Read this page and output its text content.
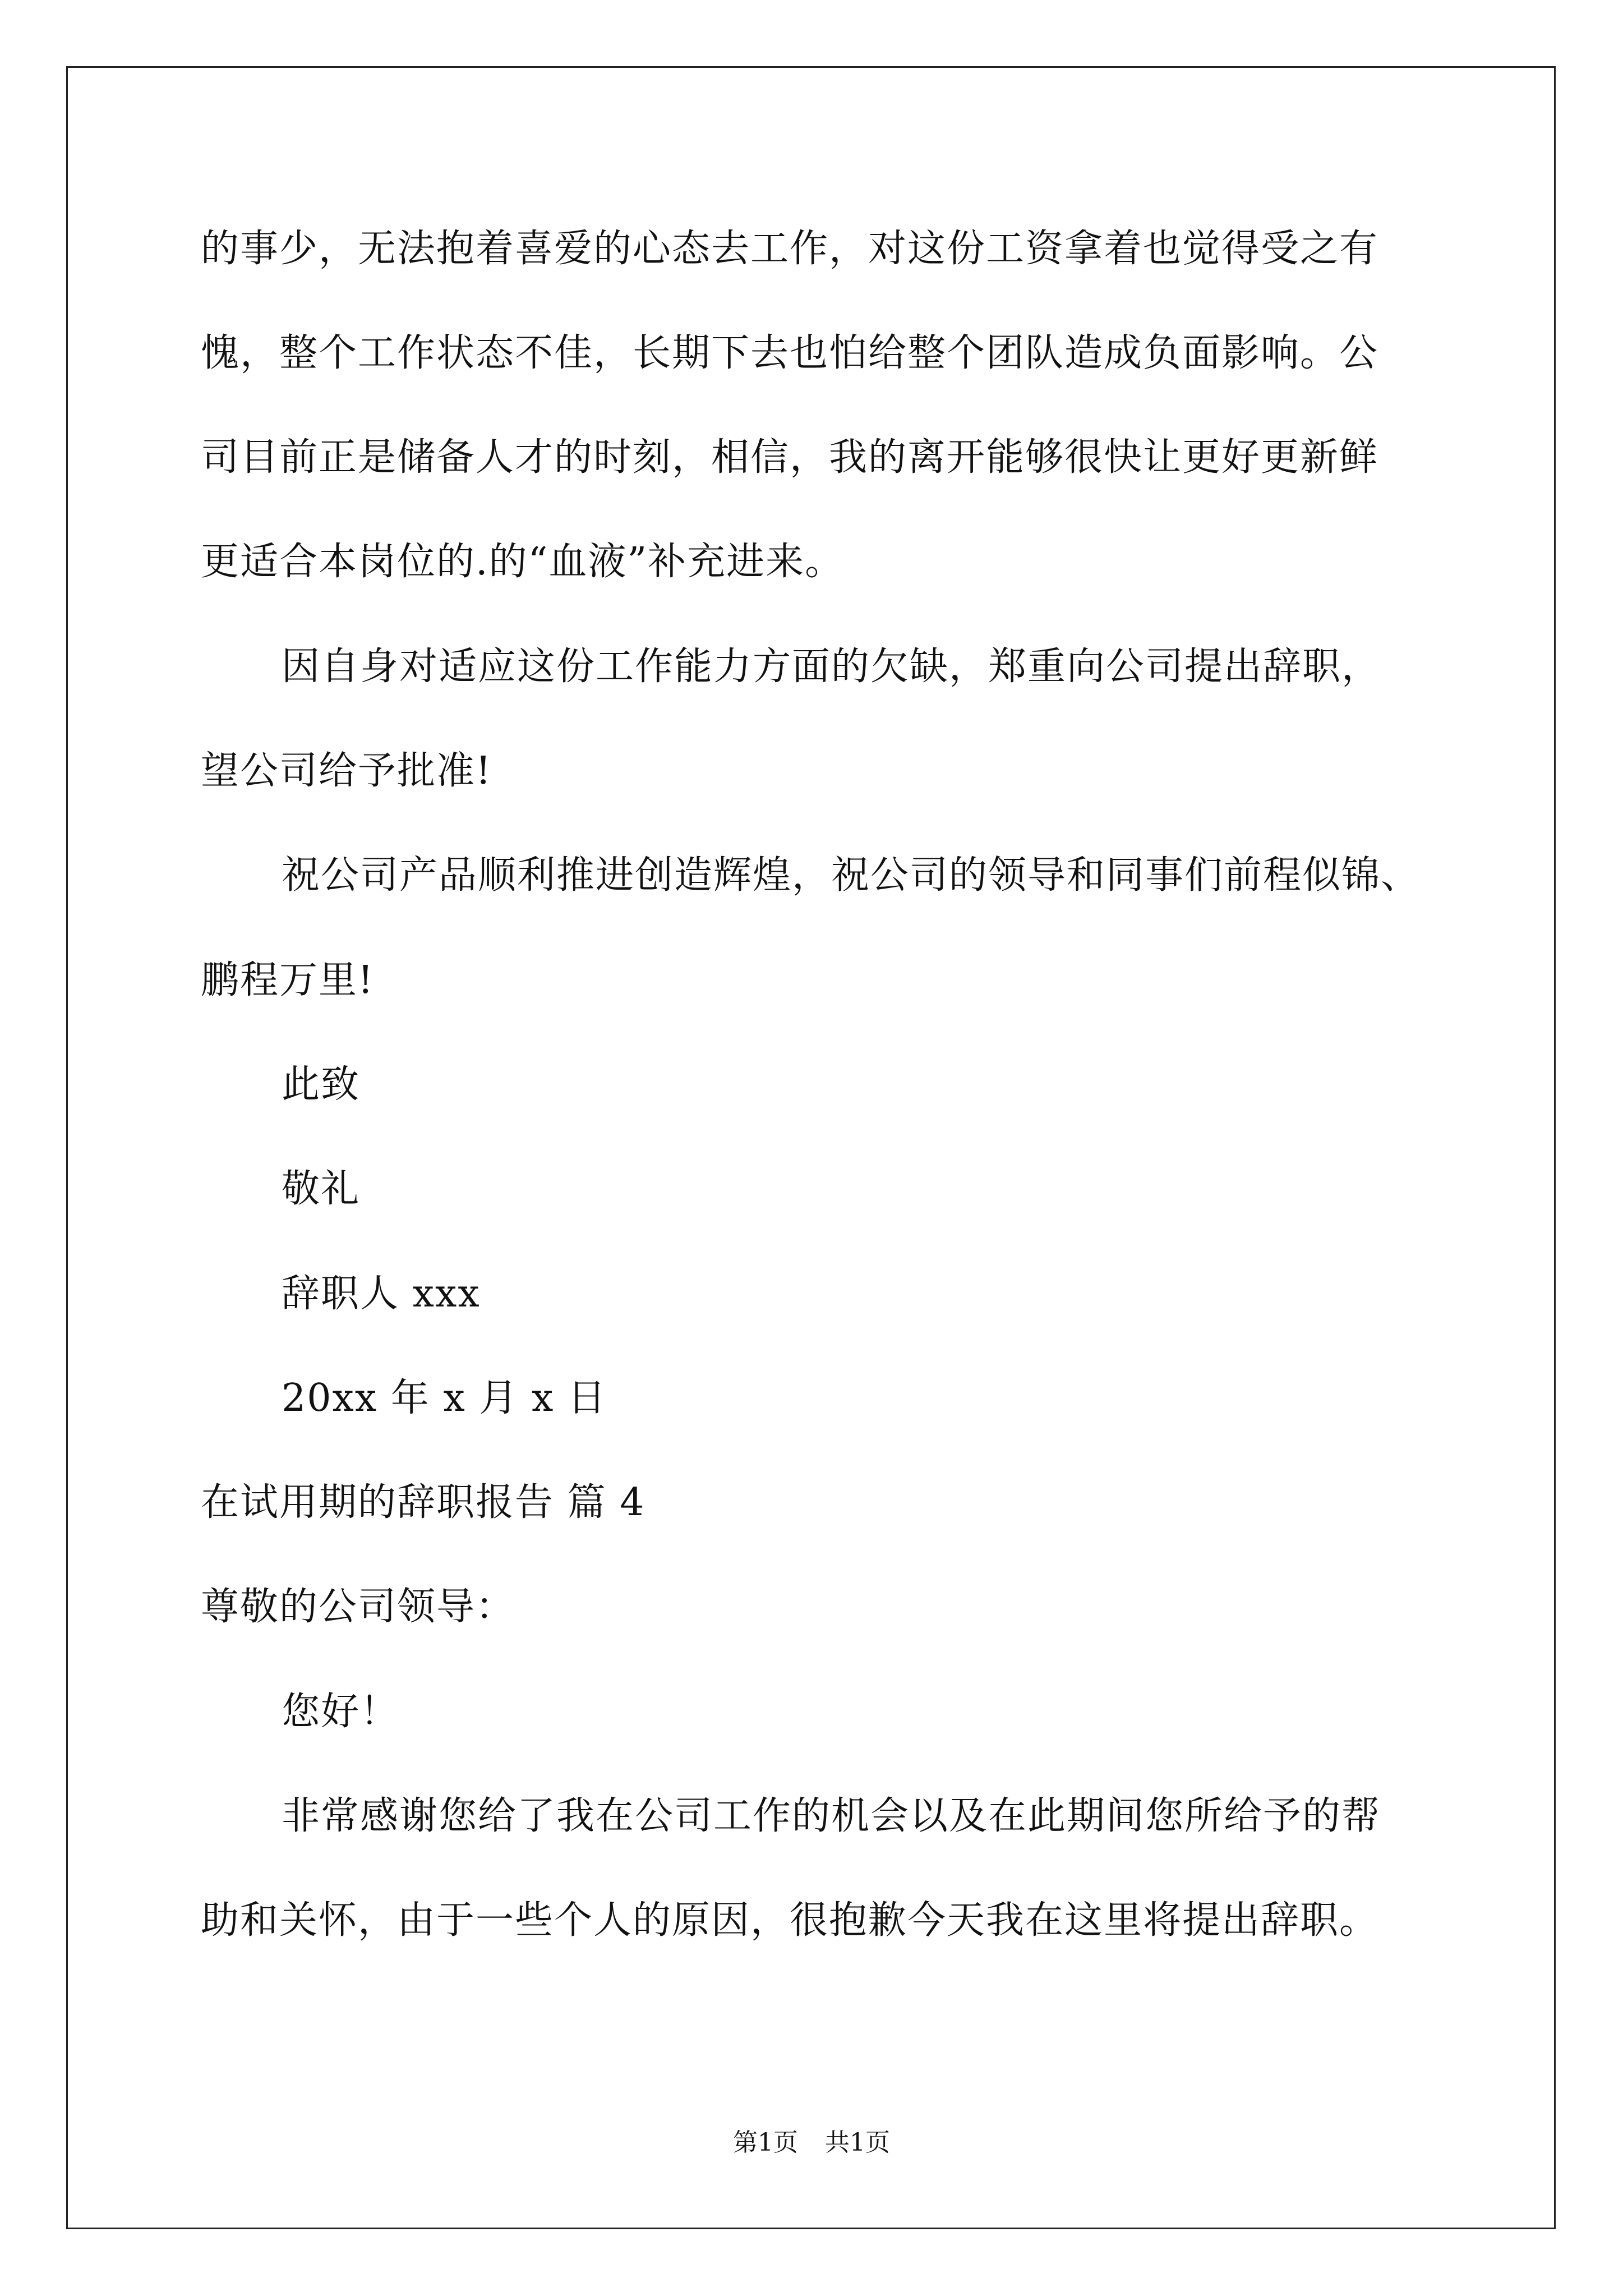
的事少，无法抱着喜爱的心态去工作，对这份工资拿着也觉得受之有
愧，整个工作状态不佳，长期下去也怕给整个团队造成负面影响。公
司目前正是储备人才的时刻，相信，我的离开能够很快让更好更新鲜
更适合本岗位的.的“血液”补充进来。
因自身对适应这份工作能力方面的欠缺，郑重向公司提出辞职，
望公司给予批准!
祝公司产品顺利推进创造辉煌，祝公司的领导和同事们前程似锦、
鹏程万里!
此致
敬礼
辞职人 xxx
20xx 年 x 月 x 日
在试用期的辞职报告 篇 4
尊敬的公司领导：
您好！
非常感谢您给了我在公司工作的机会以及在此期间您所给予的帮
助和关怀，由于一些个人的原因，很抱歉今天我在这里将提出辞职。
第1页 共1页
